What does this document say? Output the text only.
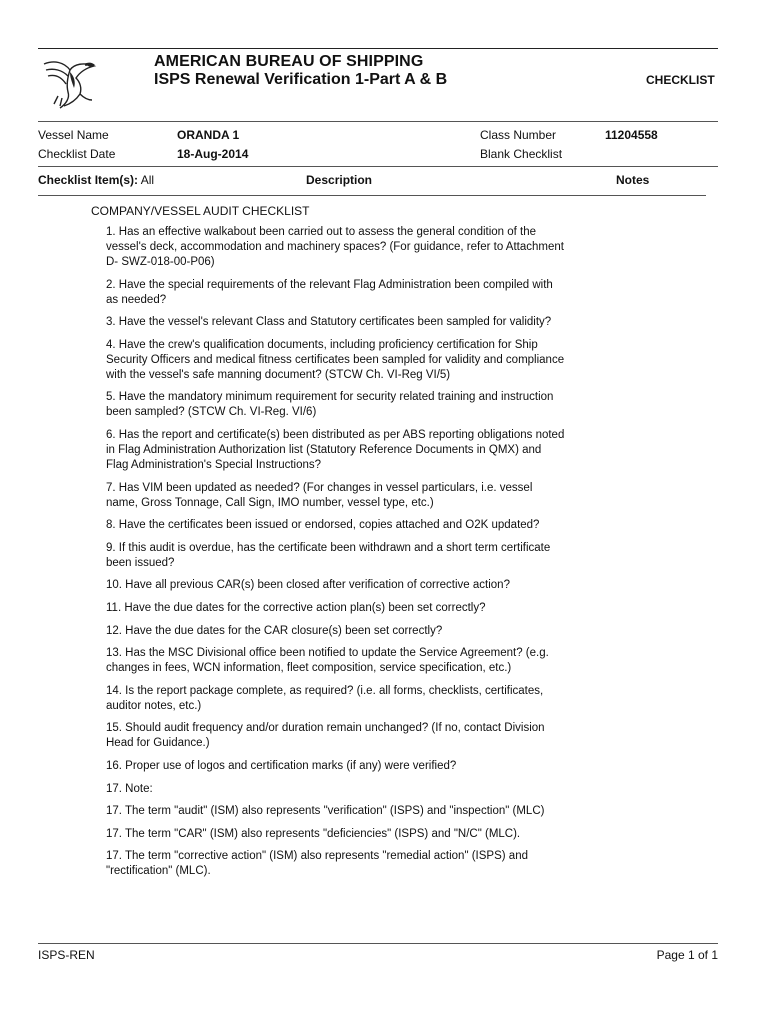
AMERICAN BUREAU OF SHIPPING
ISPS Renewal Verification 1-Part A & B	CHECKLIST
Vessel Name	ORANDA 1	Class Number	11204558
Checklist Date	18-Aug-2014	Blank Checklist
Checklist Item(s): All	Description	Notes
COMPANY/VESSEL AUDIT CHECKLIST
1. Has an effective walkabout been carried out to assess the general condition of the vessel's deck, accommodation and machinery spaces? (For guidance, refer to Attachment D- SWZ-018-00-P06)
2. Have the special requirements of the relevant Flag Administration been compiled with as needed?
3. Have the vessel's relevant Class and Statutory certificates been sampled for validity?
4. Have the crew's qualification documents, including proficiency certification for Ship Security Officers and medical fitness certificates been sampled for validity and compliance with the vessel's safe manning document? (STCW Ch. VI-Reg VI/5)
5. Have the mandatory minimum requirement for security related training and instruction been sampled? (STCW Ch. VI-Reg. VI/6)
6. Has the report and certificate(s) been distributed as per ABS reporting obligations noted in Flag Administration Authorization list (Statutory Reference Documents in QMX) and Flag Administration's Special Instructions?
7. Has VIM been updated as needed? (For changes in vessel particulars, i.e. vessel name, Gross Tonnage, Call Sign, IMO number, vessel type, etc.)
8. Have the certificates been issued or endorsed, copies attached and O2K updated?
9. If this audit is overdue, has the certificate been withdrawn and a short term certificate been issued?
10. Have all previous CAR(s) been closed after verification of corrective action?
11. Have the due dates for the corrective action plan(s) been set correctly?
12. Have the due dates for the CAR closure(s) been set correctly?
13. Has the MSC Divisional office been notified to update the Service Agreement? (e.g. changes in fees, WCN information, fleet composition, service specification, etc.)
14. Is the report package complete, as required? (i.e. all forms, checklists, certificates, auditor notes, etc.)
15. Should audit frequency and/or duration remain unchanged? (If no, contact Division Head for Guidance.)
16. Proper use of logos and certification marks (if any) were verified?
17. Note:
17. The term "audit" (ISM) also represents "verification" (ISPS) and "inspection" (MLC)
17. The term "CAR" (ISM) also represents "deficiencies" (ISPS) and "N/C" (MLC).
17. The term "corrective action" (ISM) also represents "remedial action" (ISPS) and "rectification" (MLC).
ISPS-REN	Page 1 of 1
